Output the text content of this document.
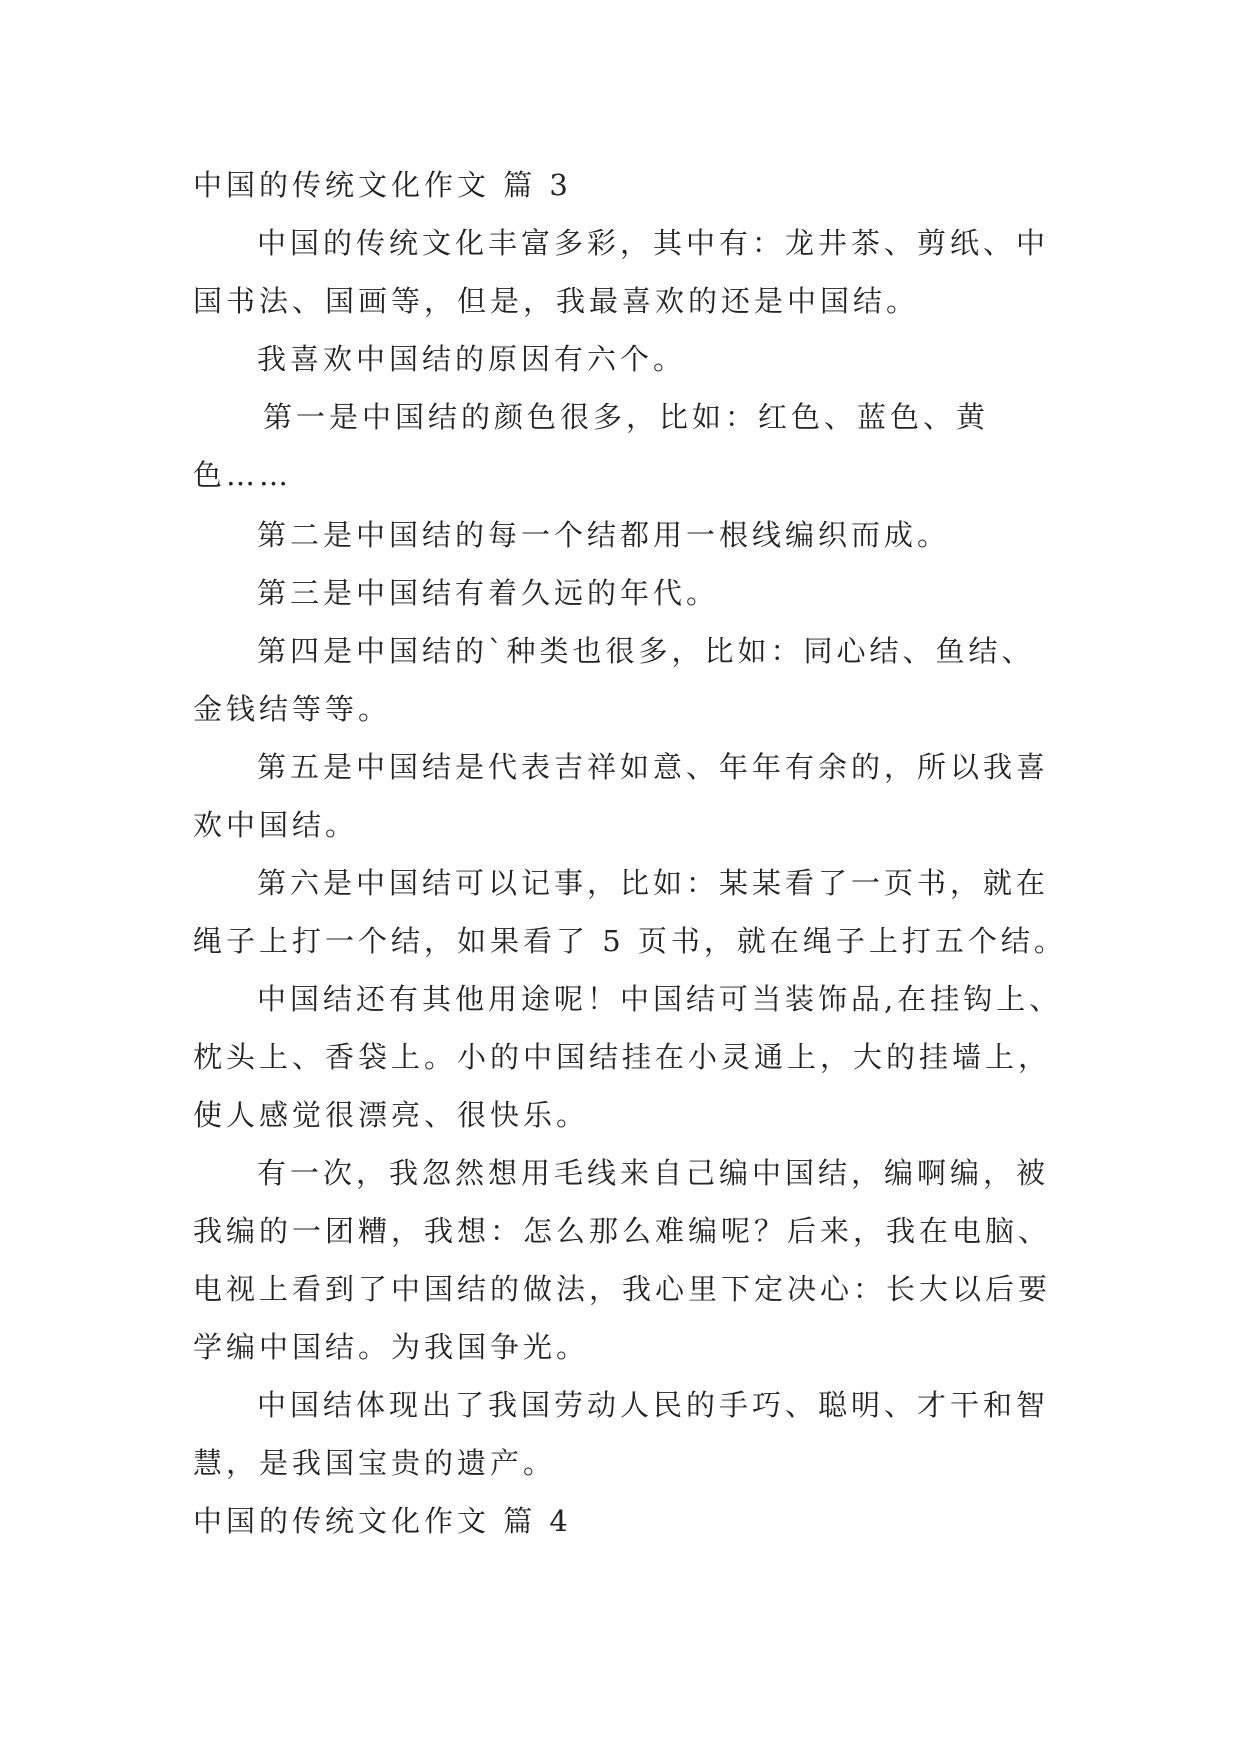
中国的传统文化作文 篇 3
中国的传统文化丰富多彩，其中有：龙井茶、剪纸、中
国书法、国画等，但是，我最喜欢的还是中国结。
我喜欢中国结的原因有六个。
第一是中国结的颜色很多，比如：红色、蓝色、黄
色……
第二是中国结的每一个结都用一根线编织而成。
第三是中国结有着久远的年代。
第四是中国结的`种类也很多，比如：同心结、鱼结、
金钱结等等。
第五是中国结是代表吉祥如意、年年有余的，所以我喜
欢中国结。
第六是中国结可以记事，比如：某某看了一页书，就在
绳子上打一个结，如果看了 5 页书，就在绳子上打五个结。
中国结还有其他用途呢！中国结可当装饰品,在挂钩上、
枕头上、香袋上。小的中国结挂在小灵通上，大的挂墙上，
使人感觉很漂亮、很快乐。
有一次，我忽然想用毛线来自己编中国结，编啊编，被
我编的一团糟，我想：怎么那么难编呢？后来，我在电脑、
电视上看到了中国结的做法，我心里下定决心：长大以后要
学编中国结。为我国争光。
中国结体现出了我国劳动人民的手巧、聪明、才干和智
慧，是我国宝贵的遗产。
中国的传统文化作文 篇 4
